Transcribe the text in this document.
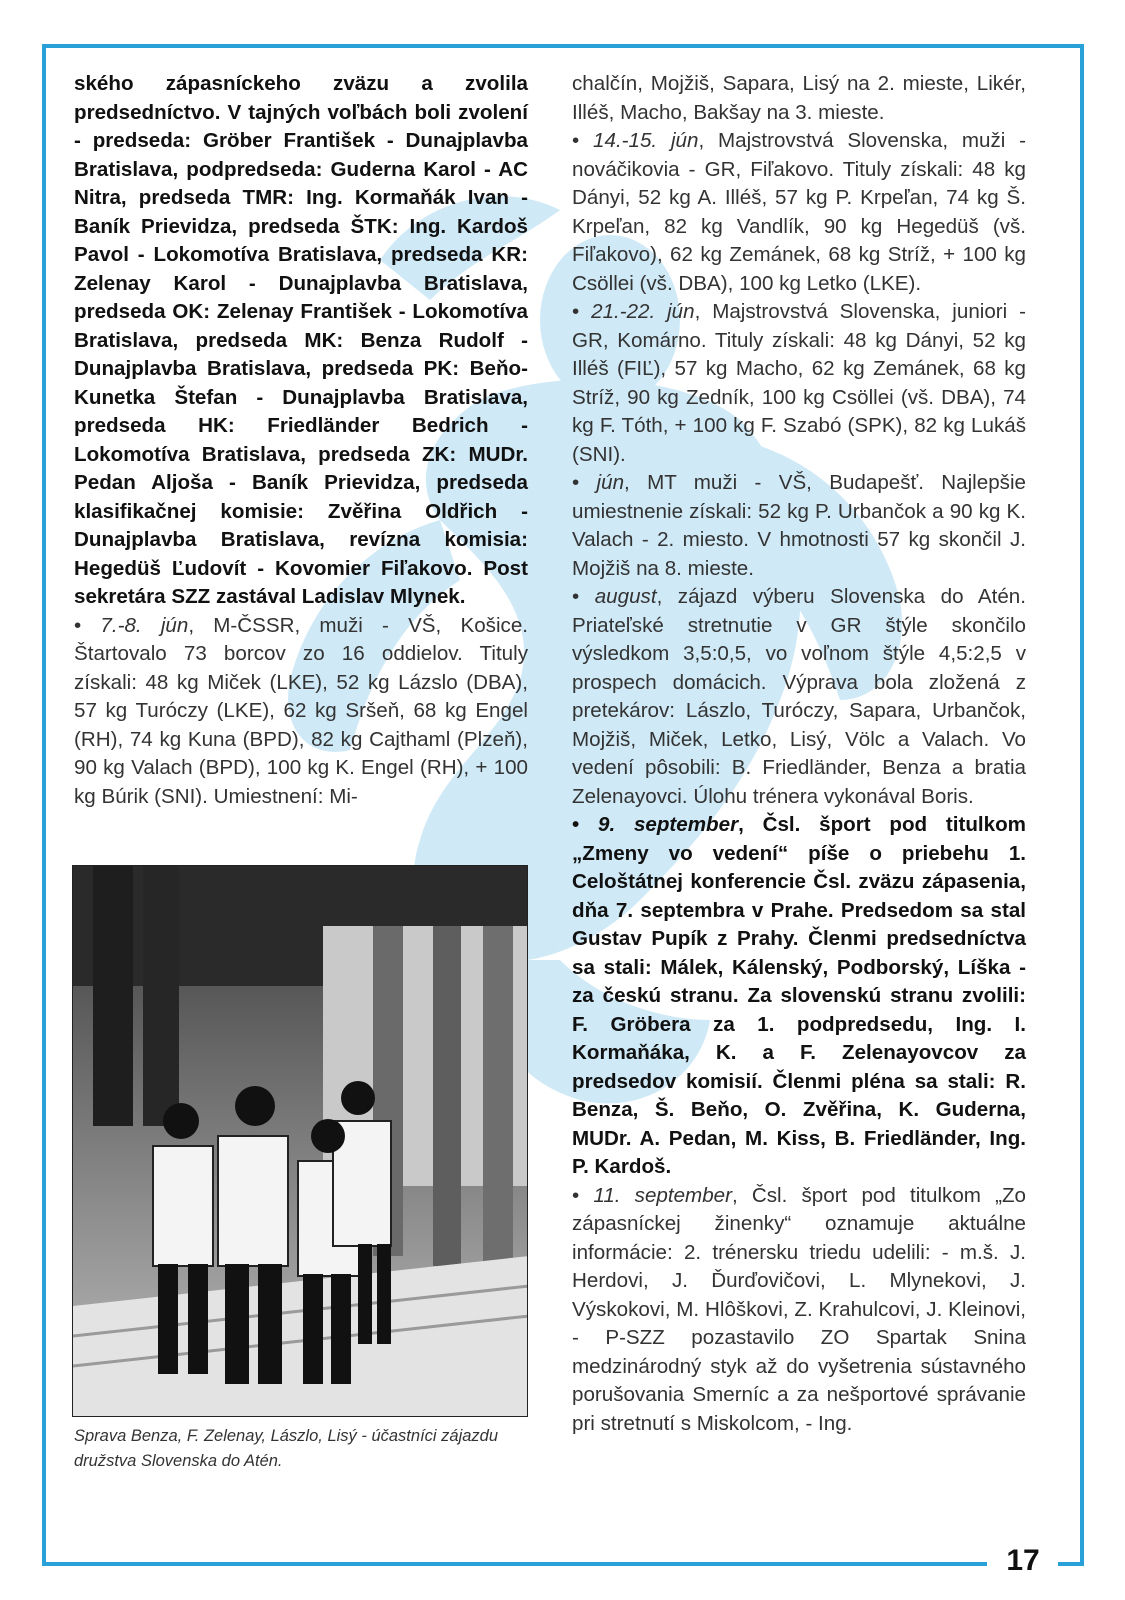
17

ského zápasníckeho zväzu a zvolila predsedníctvo. V tajných voľbách boli zvolení - predseda: Gröber František - Dunajplavba Bratislava, podpredseda: Guderna Karol - AC Nitra, predseda TMR: Ing. Kormaňák Ivan - Baník Prievidza, predseda ŠTK: Ing. Kardoš Pavol - Lokomotíva Bratislava, predseda KR: Zelenay Karol - Dunajplavba Bratislava, predseda OK: Zelenay František - Lokomotíva Bratislava, predseda MK: Benza Rudolf - Dunajplavba Bratislava, predseda PK: Beňo-Kunetka Štefan - Dunajplavba Bratislava, predseda HK: Friedländer Bedrich - Lokomotíva Bratislava, predseda ZK: MUDr. Pedan Aljoša - Baník Prievidza, predseda klasifikačnej komisie: Zvěřina Oldřich - Dunajplavba Bratislava, revízna komisia: Hegedüš Ľudovít - Kovomier Fiľakovo. Post sekretára SZZ zastával Ladislav Mlynek.

• 7.-8. jún, M-ČSSR, muži - VŠ, Košice. Štartovalo 73 borcov zo 16 oddielov. Tituly získali: 48 kg Miček (LKE), 52 kg Lázslo (DBA), 57 kg Turóczy (LKE), 62 kg Sršeň, 68 kg Engel (RH), 74 kg Kuna (BPD), 82 kg Cajthaml (Plzeň), 90 kg Valach (BPD), 100 kg K. Engel (RH), + 100 kg Búrik (SNI). Umiestnení: Mi-

Sprava Benza, F. Zelenay, Lászlo, Lisý - účastníci zájazdu družstva Slovenska do Atén.

chalčín, Mojžiš, Sapara, Lisý na 2. mieste, Likér, Illéš, Macho, Bakšay na 3. mieste.

• 14.-15. jún, Majstrovstvá Slovenska, muži - nováčikovia - GR, Fiľakovo. Tituly získali: 48 kg Dányi, 52 kg A. Illéš, 57 kg P. Krpeľan, 74 kg Š. Krpeľan, 82 kg Vandlík, 90 kg Hegedüš (vš. Fiľakovo), 62 kg Zemánek, 68 kg Stríž, + 100 kg Csöllei (vš. DBA), 100 kg Letko (LKE).

• 21.-22. jún, Majstrovstvá Slovenska, juniori - GR, Komárno. Tituly získali: 48 kg Dányi, 52 kg Illéš (FIĽ), 57 kg Macho, 62 kg Zemánek, 68 kg Stríž, 90 kg Zedník, 100 kg Csöllei (vš. DBA), 74 kg F. Tóth, + 100 kg F. Szabó (SPK), 82 kg Lukáš (SNI).

• jún, MT muži - VŠ, Budapešť. Najlepšie umiestnenie získali: 52 kg P. Urbančok a 90 kg K. Valach - 2. miesto. V hmotnosti 57 kg skončil J. Mojžiš na 8. mieste.

• august, zájazd výberu Slovenska do Atén. Priateľské stretnutie v GR štýle skončilo výsledkom 3,5:0,5, vo voľnom štýle 4,5:2,5 v prospech domácich. Výprava bola zložená z pretekárov: Lászlo, Turóczy, Sapara, Urbančok, Mojžiš, Miček, Letko, Lisý, Völc a Valach. Vo vedení pôsobili: B. Friedländer, Benza a bratia Zelenayovci. Úlohu trénera vykonával Boris.

• 9. september, Čsl. šport pod titulkom „Zmeny vo vedení“ píše o priebehu 1. Celoštátnej konferencie Čsl. zväzu zápasenia, dňa 7. septembra v Prahe. Predsedom sa stal Gustav Pupík z Prahy. Členmi predsedníctva sa stali: Málek, Kálenský, Podborský, Líška - za českú stranu. Za slovenskú stranu zvolili: F. Gröbera za 1. podpredsedu, Ing. I. Kormaňáka, K. a F. Zelenayovcov za predsedov komisií. Členmi pléna sa stali: R. Benza, Š. Beňo, O. Zvěřina, K. Guderna, MUDr. A. Pedan, M. Kiss, B. Friedländer, Ing. P. Kardoš.

• 11. september, Čsl. šport pod titulkom „Zo zápasníckej žinenky“ oznamuje aktuálne informácie: 2. trénersku triedu udelili: - m.š. J. Herdovi, J. Ďurďovičovi, L. Mlynekovi, J. Výskokovi, M. Hlôškovi, Z. Krahulcovi, J. Kleinovi, - P-SZZ pozastavilo ZO Spartak Snina medzinárodný styk až do vyšetrenia sústavného porušovania Smerníc a za nešportové správanie pri stretnutí s Miskolcom, - Ing.
